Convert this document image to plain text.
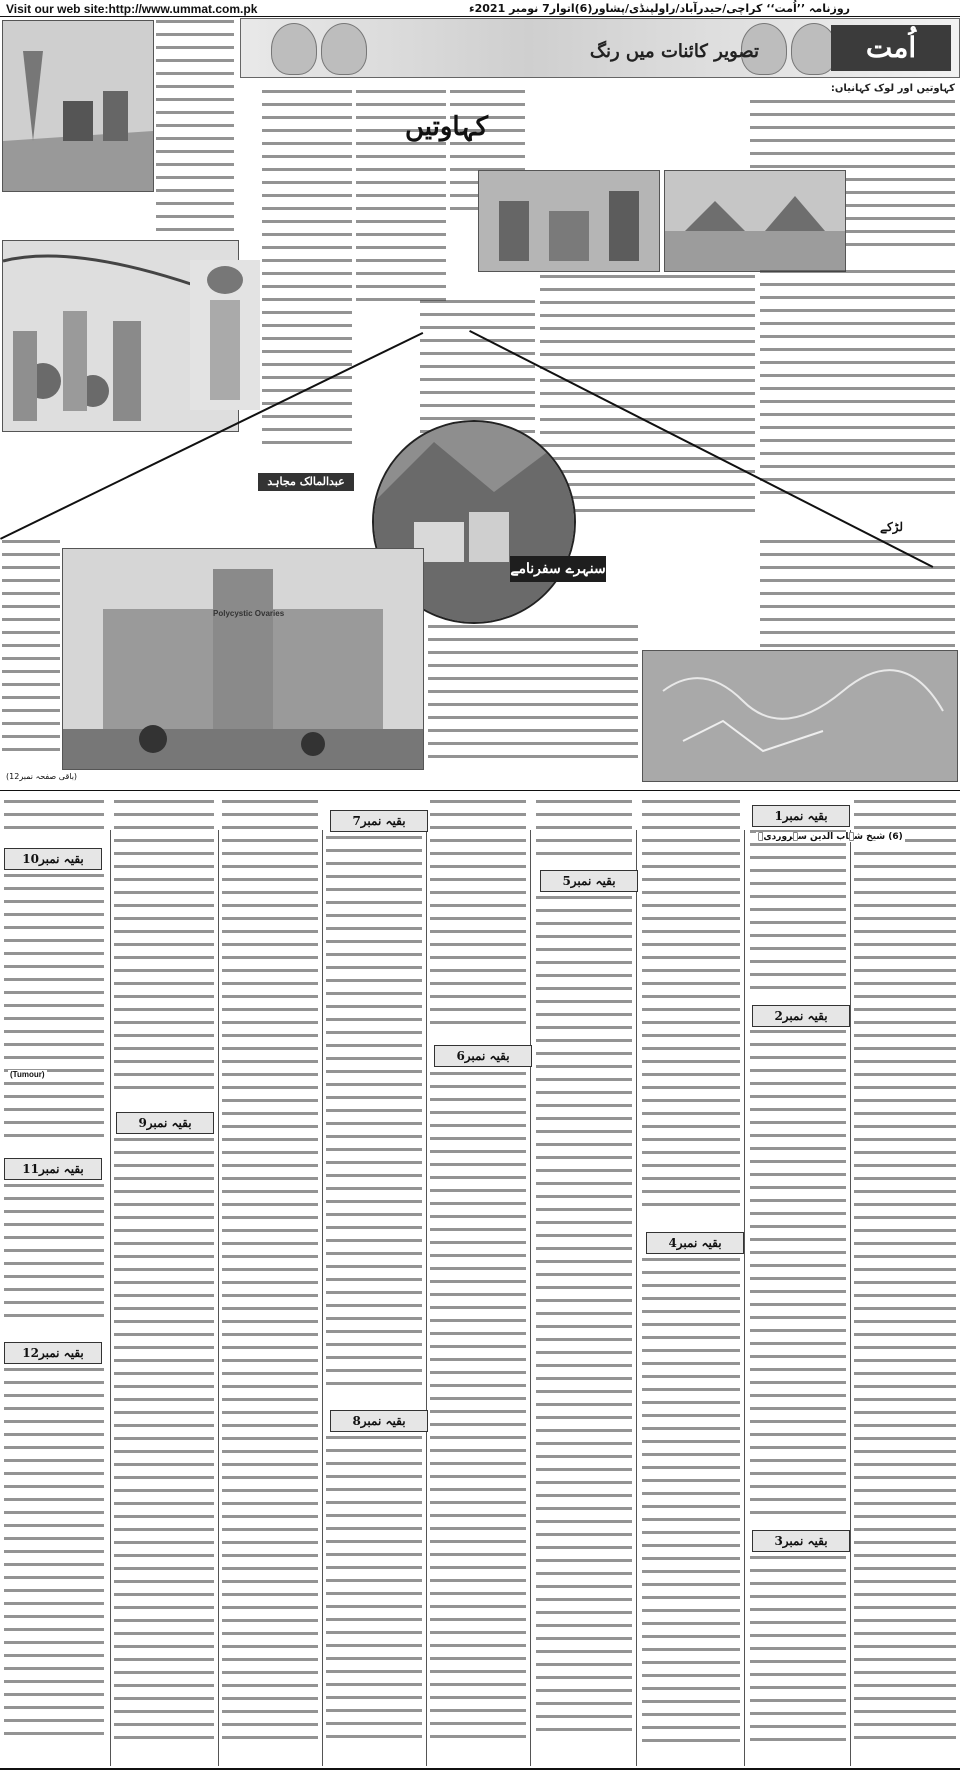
Visit our web site:http://www.ummat.com.pk	روزنامہ ’’اُمت‘‘ کراچی/حیدرآباد/راولپنڈی/پشاور(6)اتوار7 نومبر 2021ء
تصویر کائنات میں رنگ	اُمت
کہاوتیں
کہاوتیں اور لوک کہانیاں:
لڑکے
سنہرے سفرنامے
عبدالمالک مجاہد
Polycystic Ovaries
(باقی صفحہ نمبر12)
بقیہ نمبر1
بقیہ نمبر2
بقیہ نمبر3
بقیہ نمبر4
بقیہ نمبر5
بقیہ نمبر6
بقیہ نمبر7
بقیہ نمبر8
بقیہ نمبر9
بقیہ نمبر10
بقیہ نمبر11
بقیہ نمبر12
(6) شیخ شہاب الدین سہروردیؒ
(Tumour)
